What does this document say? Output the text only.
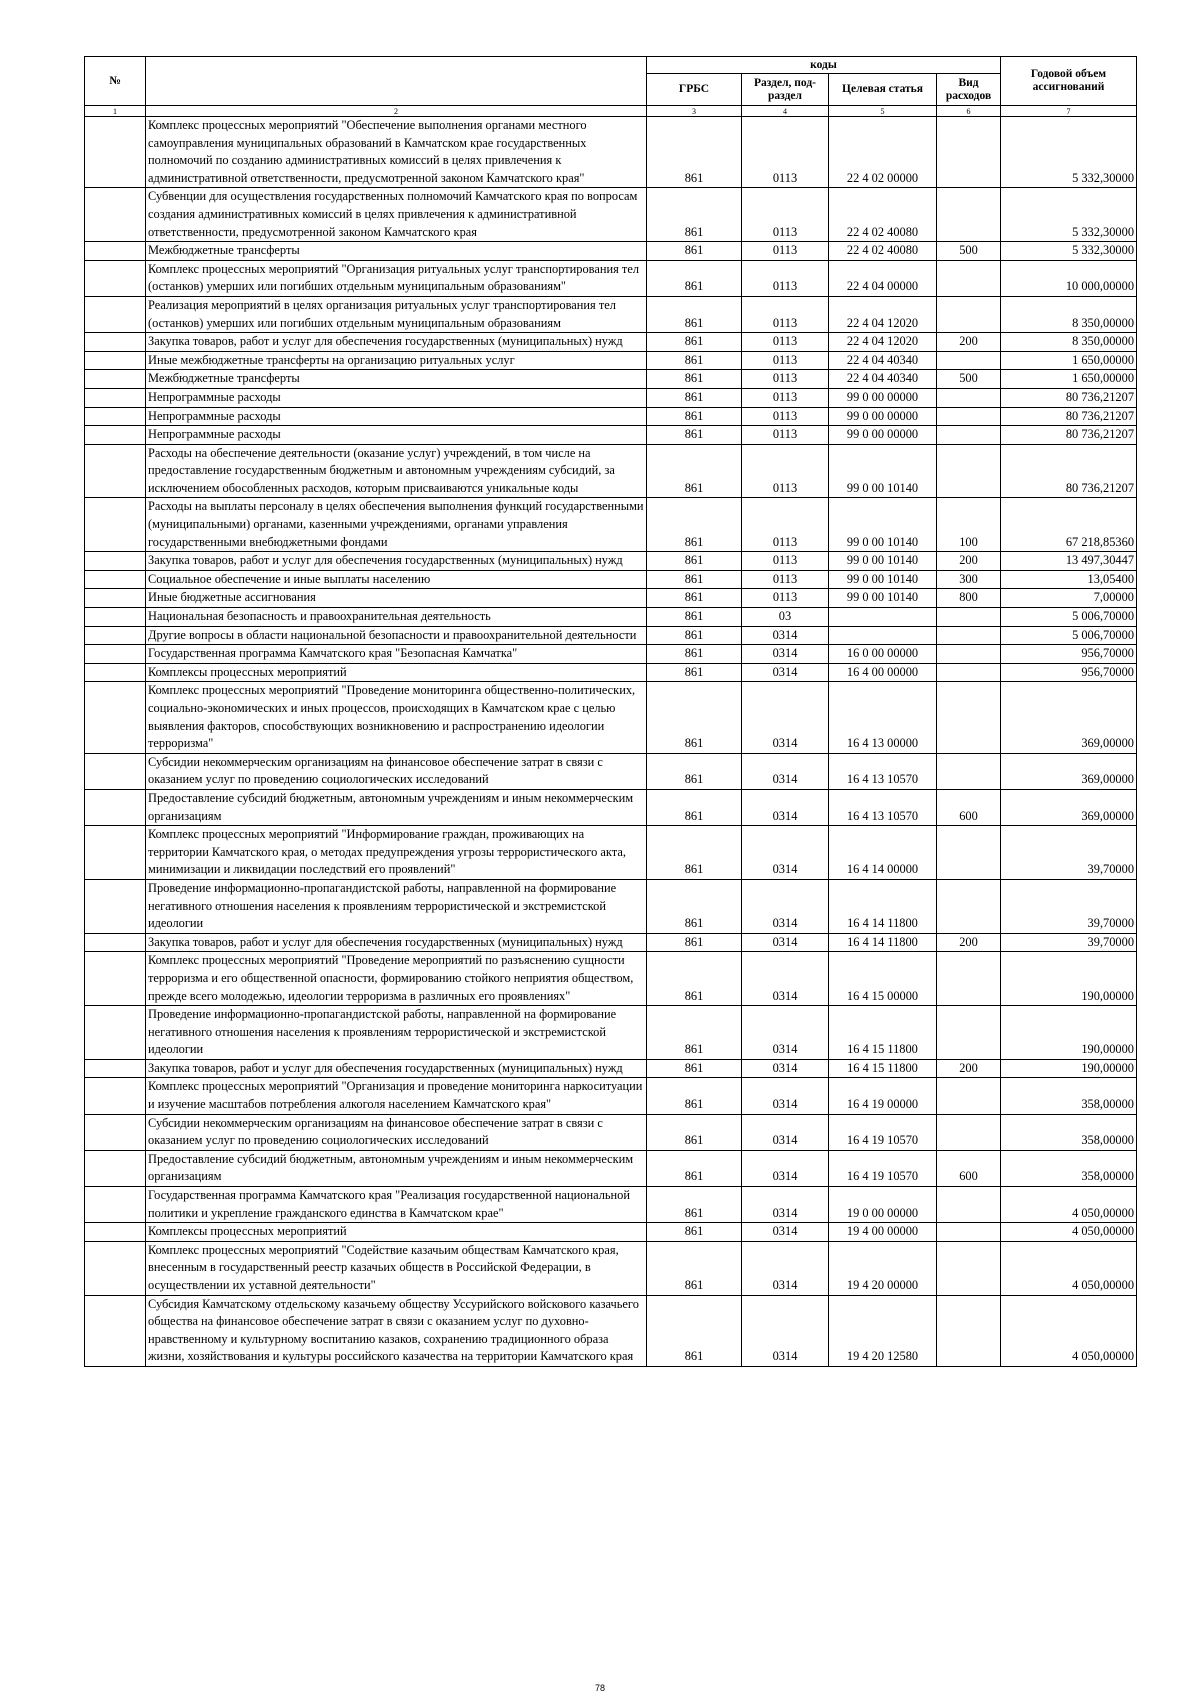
№		коды				Годовой объем ассигнований
		ГРБС	Раздел, под-раздел	Целевая статья	Вид расходов	
1	2	3	4	5	6	7
	Комплекс процессных мероприятий "Обеспечение выполнения органами местного самоуправления муниципальных образований в Камчатском крае государственных полномочий по созданию административных комиссий в целях привлечения к административной ответственности, предусмотренной законом Камчатского края"	861	0113	22 4 02 00000		5 332,30000
	Субвенции для осуществления государственных полномочий Камчатского края по вопросам создания административных комиссий в целях привлечения к административной ответственности, предусмотренной законом Камчатского края	861	0113	22 4 02 40080		5 332,30000
	Межбюджетные трансферты	861	0113	22 4 02 40080	500	5 332,30000
	Комплекс процессных мероприятий "Организация ритуальных услуг транспортирования тел (останков) умерших или погибших отдельным муниципальным образованиям"	861	0113	22 4 04 00000		10 000,00000
	Реализация мероприятий в целях организация ритуальных услуг транспортирования тел (останков) умерших или погибших отдельным муниципальным образованиям	861	0113	22 4 04 12020		8 350,00000
	Закупка товаров, работ и услуг для обеспечения государственных (муниципальных) нужд	861	0113	22 4 04 12020	200	8 350,00000
	Иные межбюджетные трансферты на организацию ритуальных услуг	861	0113	22 4 04 40340		1 650,00000
	Межбюджетные трансферты	861	0113	22 4 04 40340	500	1 650,00000
	Непрограммные расходы	861	0113	99 0 00 00000		80 736,21207
	Непрограммные расходы	861	0113	99 0 00 00000		80 736,21207
	Непрограммные расходы	861	0113	99 0 00 00000		80 736,21207
	Расходы на обеспечение деятельности (оказание услуг) учреждений, в том числе на предоставление государственным бюджетным и автономным учреждениям субсидий, за исключением обособленных расходов, которым присваиваются уникальные коды	861	0113	99 0 00 10140		80 736,21207
	Расходы на выплаты персоналу в целях обеспечения выполнения функций государственными (муниципальными) органами, казенными учреждениями, органами управления государственными внебюджетными фондами	861	0113	99 0 00 10140	100	67 218,85360
	Закупка товаров, работ и услуг для обеспечения государственных (муниципальных) нужд	861	0113	99 0 00 10140	200	13 497,30447
	Социальное обеспечение и иные выплаты населению	861	0113	99 0 00 10140	300	13,05400
	Иные бюджетные ассигнования	861	0113	99 0 00 10140	800	7,00000
	Национальная безопасность и правоохранительная деятельность	861	03			5 006,70000
	Другие вопросы в области национальной безопасности и правоохранительной деятельности	861	0314			5 006,70000
	Государственная программа Камчатского края "Безопасная Камчатка"	861	0314	16 0 00 00000		956,70000
	Комплексы процессных мероприятий	861	0314	16 4 00 00000		956,70000
	Комплекс процессных мероприятий "Проведение мониторинга общественно-политических, социально-экономических и иных процессов, происходящих в Камчатском крае с целью выявления факторов, способствующих возникновению и распространению идеологии терроризма"	861	0314	16 4 13 00000		369,00000
	Субсидии некоммерческим организациям на финансовое обеспечение затрат в связи с оказанием услуг по проведению социологических исследований	861	0314	16 4 13 10570		369,00000
	Предоставление субсидий бюджетным, автономным учреждениям и иным некоммерческим организациям	861	0314	16 4 13 10570	600	369,00000
	Комплекс процессных мероприятий "Информирование граждан, проживающих на территории Камчатского края, о методах предупреждения угрозы террористического акта, минимизации и ликвидации последствий его проявлений"	861	0314	16 4 14 00000		39,70000
	Проведение информационно-пропагандистской работы, направленной на формирование негативного отношения населения к проявлениям террористической и экстремистской идеологии	861	0314	16 4 14 11800		39,70000
	Закупка товаров, работ и услуг для обеспечения государственных (муниципальных) нужд	861	0314	16 4 14 11800	200	39,70000
	Комплекс процессных мероприятий "Проведение мероприятий по разъяснению сущности терроризма и его общественной опасности, формированию стойкого неприятия обществом, прежде всего молодежью, идеологии терроризма в различных его проявлениях"	861	0314	16 4 15 00000		190,00000
	Проведение информационно-пропагандистской работы, направленной на формирование негативного отношения населения к проявлениям террористической и экстремистской идеологии	861	0314	16 4 15 11800		190,00000
	Закупка товаров, работ и услуг для обеспечения государственных (муниципальных) нужд	861	0314	16 4 15 11800	200	190,00000
	Комплекс процессных мероприятий "Организация и проведение мониторинга наркоситуации и изучение масштабов потребления алкоголя населением Камчатского края"	861	0314	16 4 19 00000		358,00000
	Субсидии некоммерческим организациям на финансовое обеспечение затрат в связи с оказанием услуг по проведению социологических исследований	861	0314	16 4 19 10570		358,00000
	Предоставление субсидий бюджетным, автономным учреждениям и иным некоммерческим организациям	861	0314	16 4 19 10570	600	358,00000
	Государственная программа Камчатского края "Реализация государственной национальной политики и укрепление гражданского единства в Камчатском крае"	861	0314	19 0 00 00000		4 050,00000
	Комплексы процессных мероприятий	861	0314	19 4 00 00000		4 050,00000
	Комплекс процессных мероприятий "Содействие казачьим обществам Камчатского края, внесенным в государственный реестр казачьих обществ в Российской Федерации, в осуществлении их уставной деятельности"	861	0314	19 4 20 00000		4 050,00000
	Субсидия Камчатскому отдельскому казачьему обществу Уссурийского войскового казачьего общества на финансовое обеспечение затрат в связи с оказанием услуг по духовно-нравственному и культурному воспитанию казаков, сохранению традиционного образа жизни, хозяйствования и культуры российского казачества на территории Камчатского края	861	0314	19 4 20 12580		4 050,00000
78
